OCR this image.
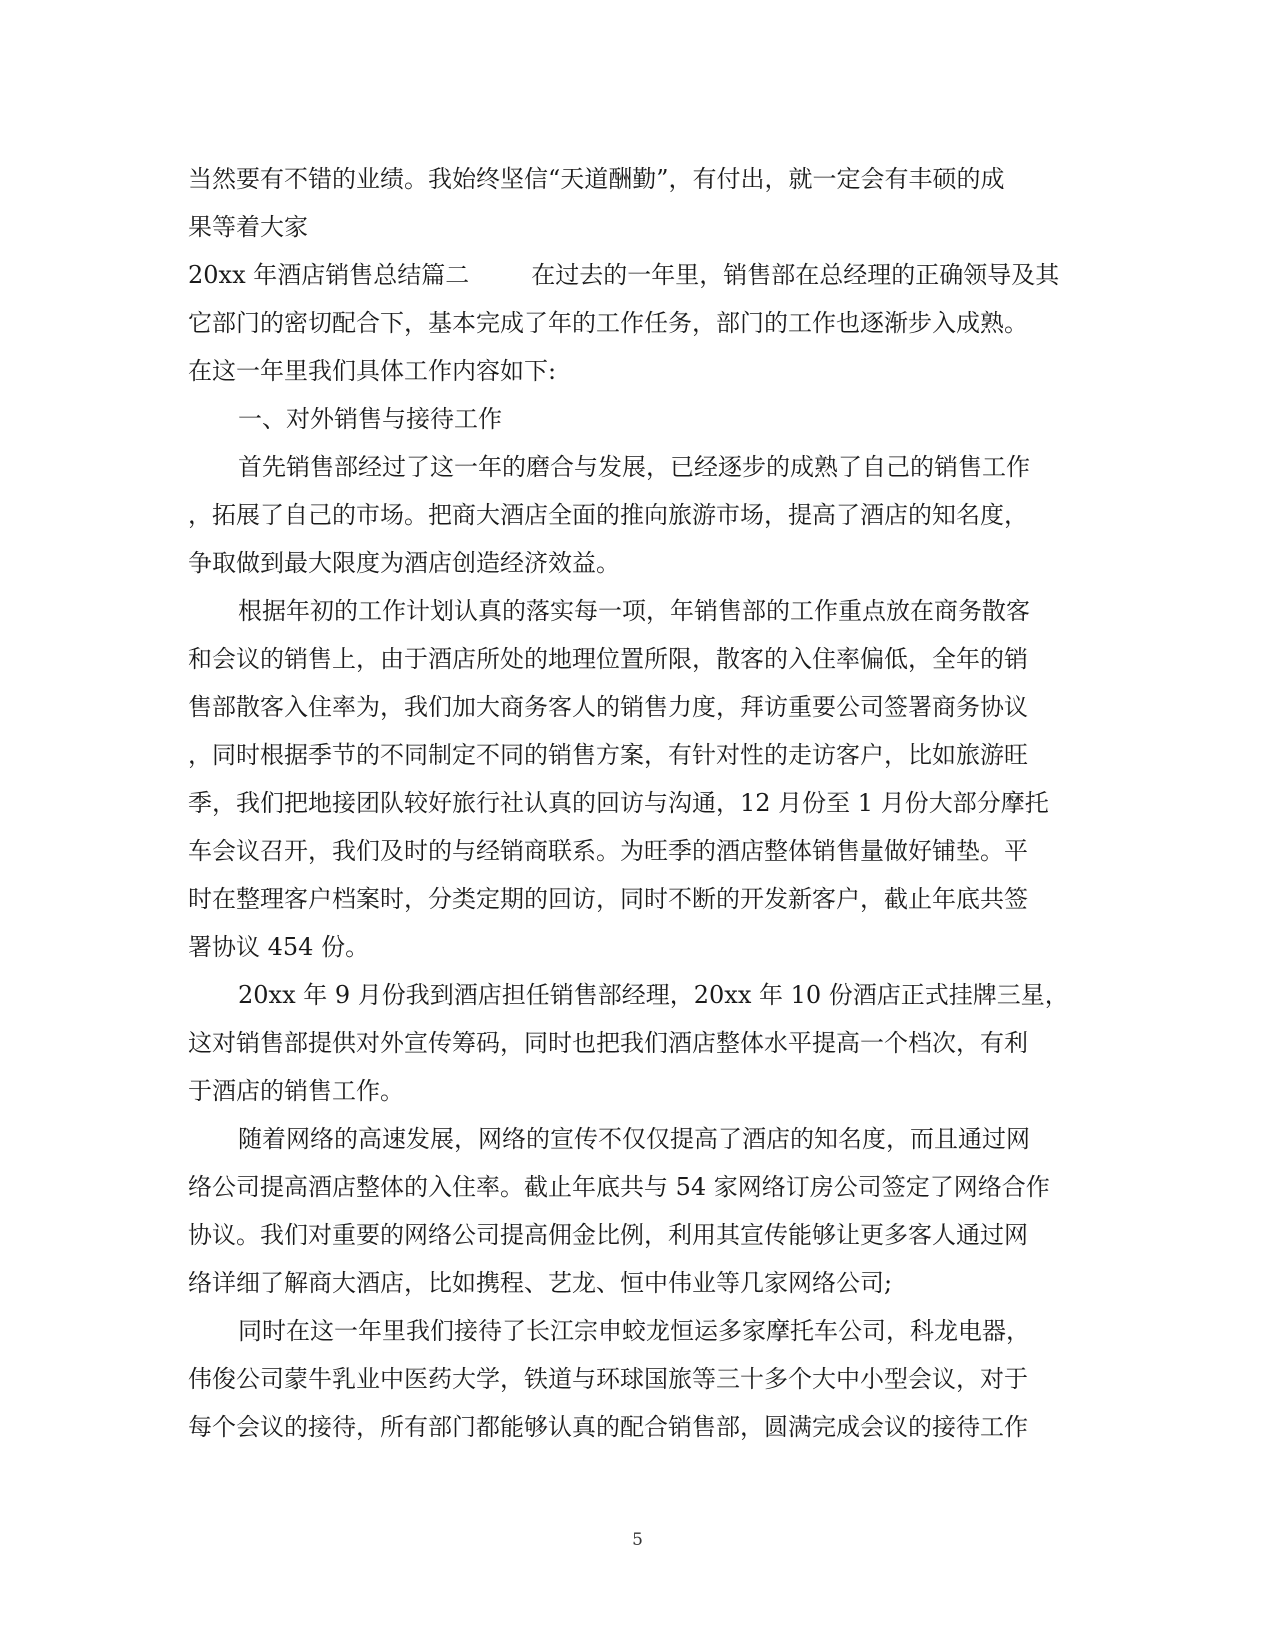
当然要有不错的业绩。我始终坚信“天道酬勤”，有付出，就一定会有丰硕的成
果等着大家
20xx 年酒店销售总结篇二	在过去的一年里，销售部在总经理的正确领导及其
它部门的密切配合下，基本完成了年的工作任务，部门的工作也逐渐步入成熟。
在这一年里我们具体工作内容如下:
一、对外销售与接待工作
首先销售部经过了这一年的磨合与发展，已经逐步的成熟了自己的销售工作
，拓展了自己的市场。把商大酒店全面的推向旅游市场，提高了酒店的知名度，
争取做到最大限度为酒店创造经济效益。
根据年初的工作计划认真的落实每一项，年销售部的工作重点放在商务散客
和会议的销售上，由于酒店所处的地理位置所限，散客的入住率偏低，全年的销
售部散客入住率为，我们加大商务客人的销售力度，拜访重要公司签署商务协议
，同时根据季节的不同制定不同的销售方案，有针对性的走访客户，比如旅游旺
季，我们把地接团队较好旅行社认真的回访与沟通，12 月份至 1 月份大部分摩托
车会议召开，我们及时的与经销商联系。为旺季的酒店整体销售量做好铺垫。平
时在整理客户档案时，分类定期的回访，同时不断的开发新客户，截止年底共签
署协议 454 份。
20xx 年 9 月份我到酒店担任销售部经理，20xx 年 10 份酒店正式挂牌三星，
这对销售部提供对外宣传筹码，同时也把我们酒店整体水平提高一个档次，有利
于酒店的销售工作。
随着网络的高速发展，网络的宣传不仅仅提高了酒店的知名度，而且通过网
络公司提高酒店整体的入住率。截止年底共与 54 家网络订房公司签定了网络合作
协议。我们对重要的网络公司提高佣金比例，利用其宣传能够让更多客人通过网
络详细了解商大酒店，比如携程、艺龙、恒中伟业等几家网络公司;
同时在这一年里我们接待了长江宗申蛟龙恒运多家摩托车公司，科龙电器，
伟俊公司蒙牛乳业中医药大学，铁道与环球国旅等三十多个大中小型会议，对于
每个会议的接待，所有部门都能够认真的配合销售部，圆满完成会议的接待工作
5
